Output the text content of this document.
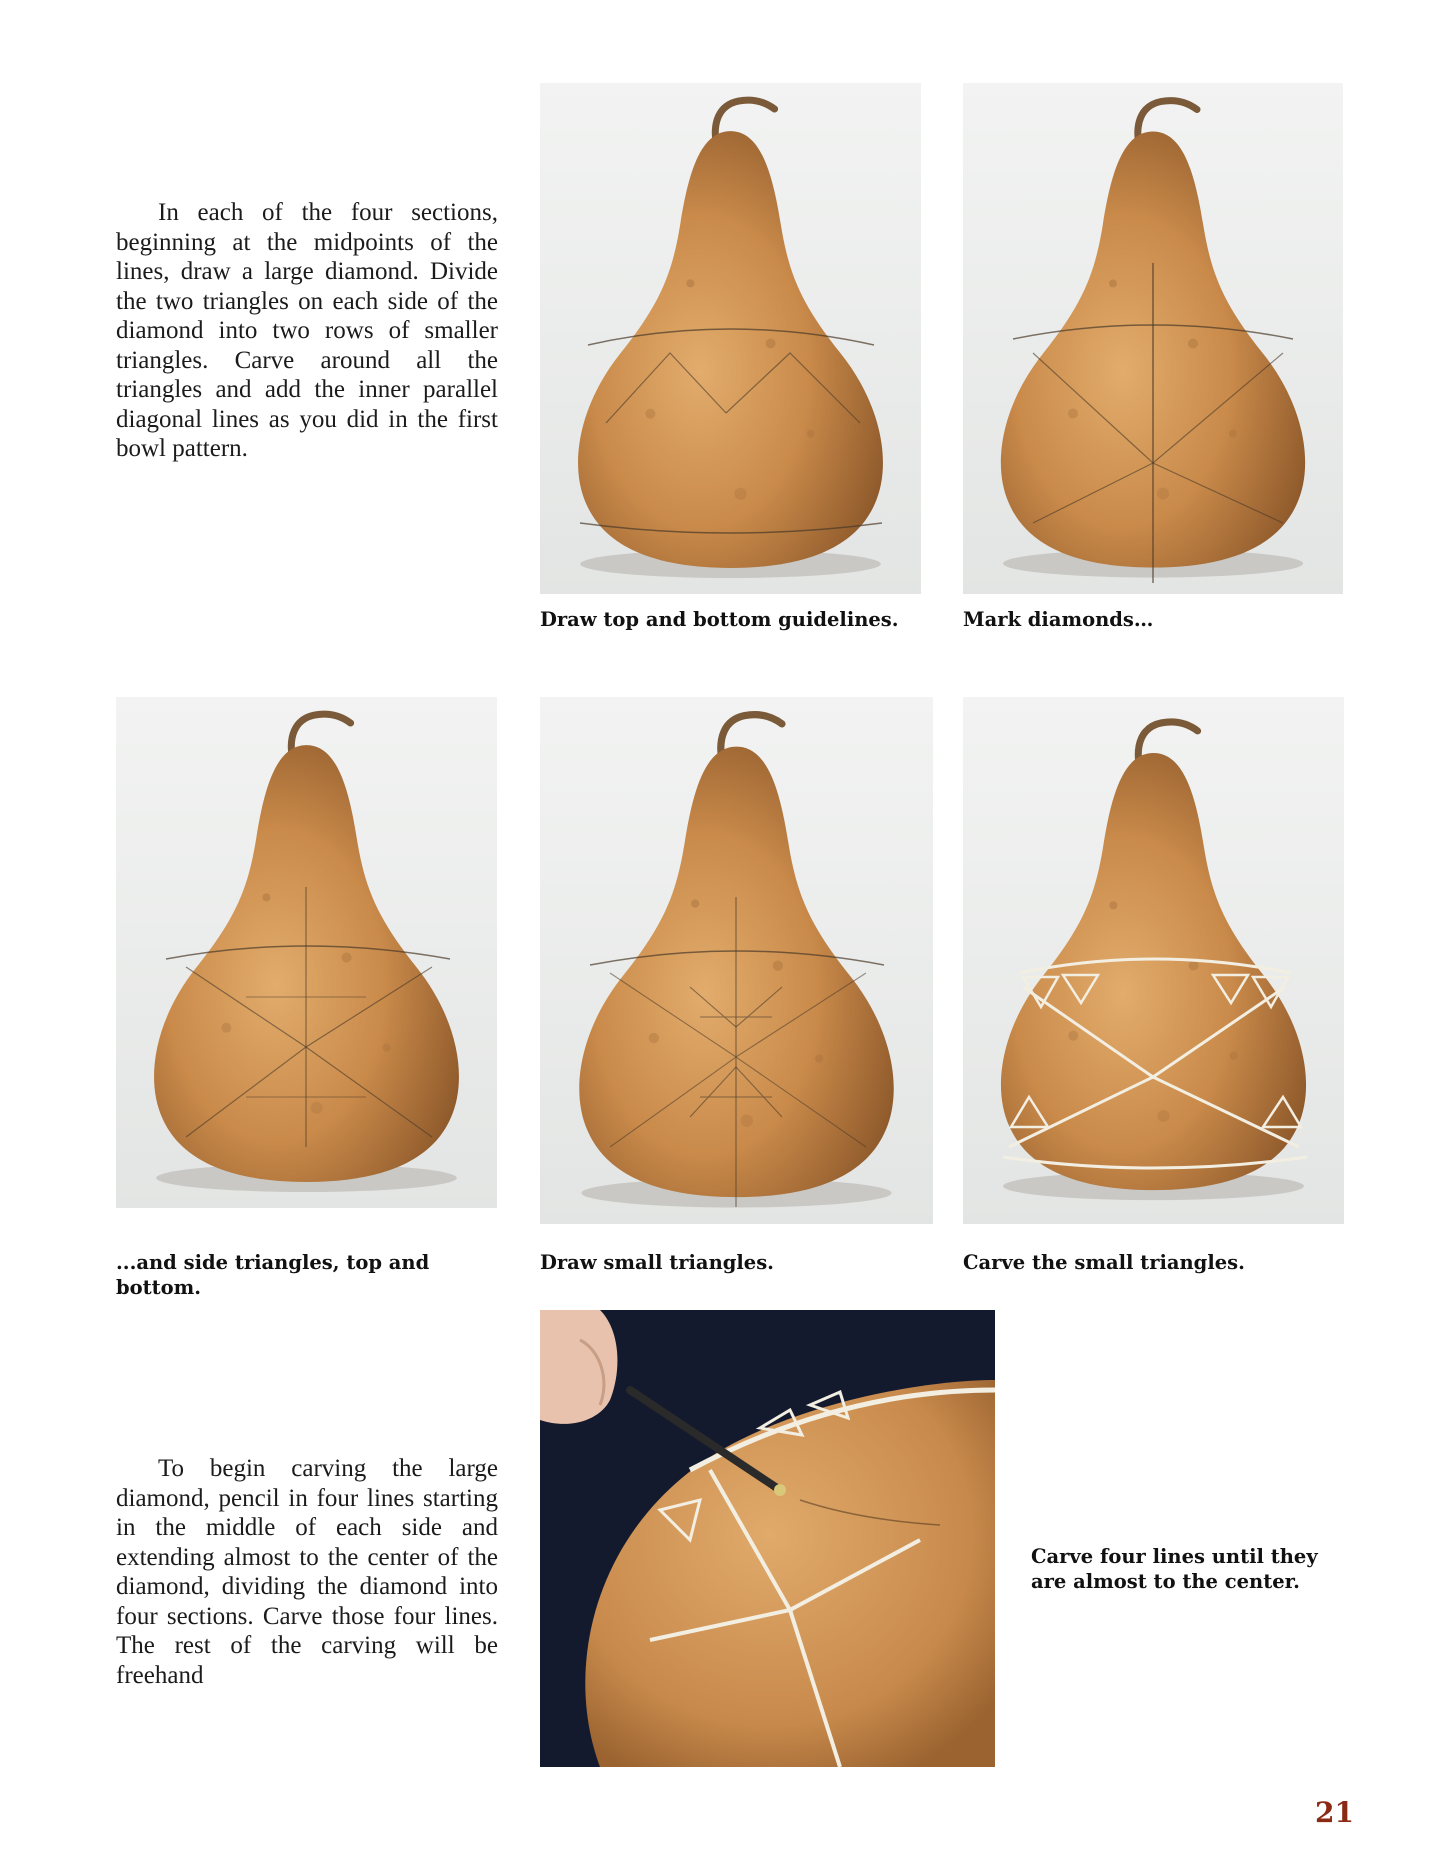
In each of the four sections, beginning at the midpoints of the lines, draw a large diamond. Divide the two triangles on each side of the diamond into two rows of smaller triangles. Carve around all the triangles and add the inner parallel diagonal lines as you did in the first bowl pattern.

Draw top and bottom guidelines.	Mark diamonds…
...and side triangles, top and bottom.
Draw small triangles.	Carve the small triangles.

To begin carving the large diamond, pencil in four lines starting in the middle of each side and extending almost to the center of the diamond, dividing the diamond into four sections. Carve those four lines. The rest of the carving will be freehand

Carve four lines until they are almost to the center.
21
